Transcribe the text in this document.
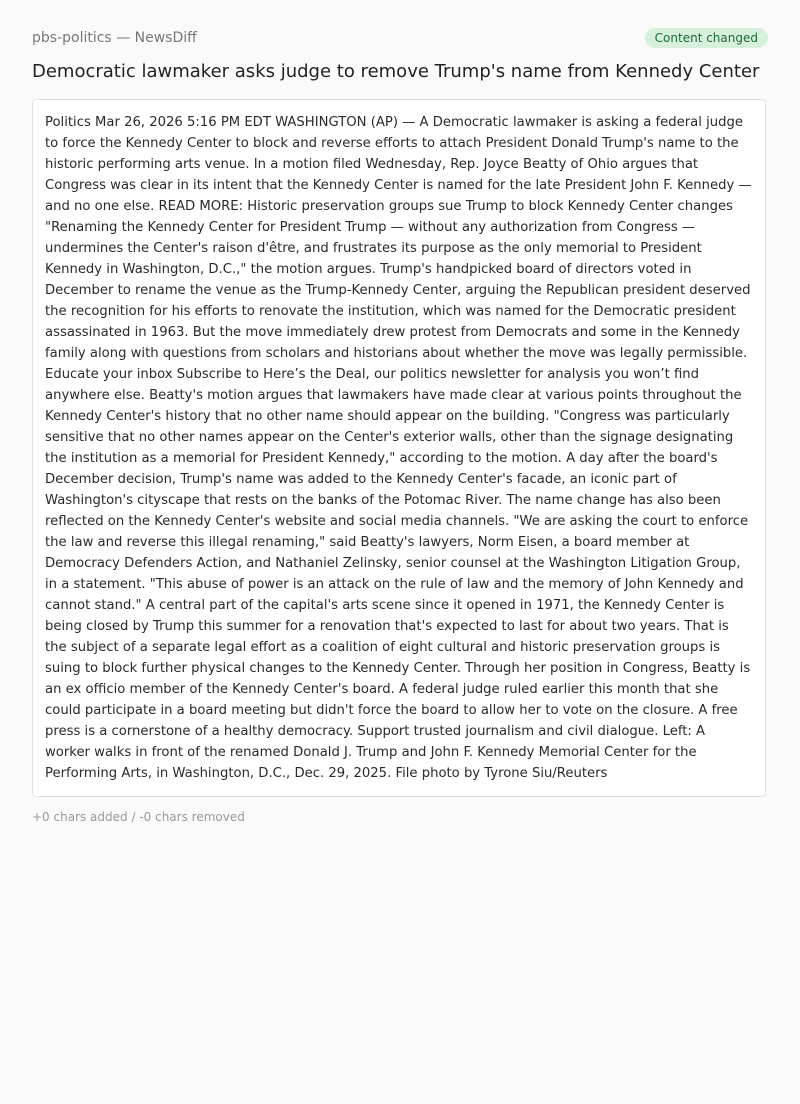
pbs-politics — NewsDiff	Content changed
Democratic lawmaker asks judge to remove Trump's name from Kennedy Center

Politics Mar 26, 2026 5:16 PM EDT WASHINGTON (AP) — A Democratic lawmaker is asking a federal judge to force the Kennedy Center to block and reverse efforts to attach President Donald Trump's name to the historic performing arts venue. In a motion filed Wednesday, Rep. Joyce Beatty of Ohio argues that Congress was clear in its intent that the Kennedy Center is named for the late President John F. Kennedy — and no one else. READ MORE: Historic preservation groups sue Trump to block Kennedy Center changes "Renaming the Kennedy Center for President Trump — without any authorization from Congress — undermines the Center's raison d'être, and frustrates its purpose as the only memorial to President Kennedy in Washington, D.C.," the motion argues. Trump's handpicked board of directors voted in December to rename the venue as the Trump-Kennedy Center, arguing the Republican president deserved the recognition for his efforts to renovate the institution, which was named for the Democratic president assassinated in 1963. But the move immediately drew protest from Democrats and some in the Kennedy family along with questions from scholars and historians about whether the move was legally permissible. Educate your inbox Subscribe to Here’s the Deal, our politics newsletter for analysis you won’t find anywhere else. Beatty's motion argues that lawmakers have made clear at various points throughout the Kennedy Center's history that no other name should appear on the building. "Congress was particularly sensitive that no other names appear on the Center's exterior walls, other than the signage designating the institution as a memorial for President Kennedy," according to the motion. A day after the board's December decision, Trump's name was added to the Kennedy Center's facade, an iconic part of Washington's cityscape that rests on the banks of the Potomac River. The name change has also been reflected on the Kennedy Center's website and social media channels. "We are asking the court to enforce the law and reverse this illegal renaming," said Beatty's lawyers, Norm Eisen, a board member at Democracy Defenders Action, and Nathaniel Zelinsky, senior counsel at the Washington Litigation Group, in a statement. "This abuse of power is an attack on the rule of law and the memory of John Kennedy and cannot stand." A central part of the capital's arts scene since it opened in 1971, the Kennedy Center is being closed by Trump this summer for a renovation that's expected to last for about two years. That is the subject of a separate legal effort as a coalition of eight cultural and historic preservation groups is suing to block further physical changes to the Kennedy Center. Through her position in Congress, Beatty is an ex officio member of the Kennedy Center's board. A federal judge ruled earlier this month that she could participate in a board meeting but didn't force the board to allow her to vote on the closure. A free press is a cornerstone of a healthy democracy. Support trusted journalism and civil dialogue. Left: A worker walks in front of the renamed Donald J. Trump and John F. Kennedy Memorial Center for the Performing Arts, in Washington, D.C., Dec. 29, 2025. File photo by Tyrone Siu/Reuters

+0 chars added / -0 chars removed
